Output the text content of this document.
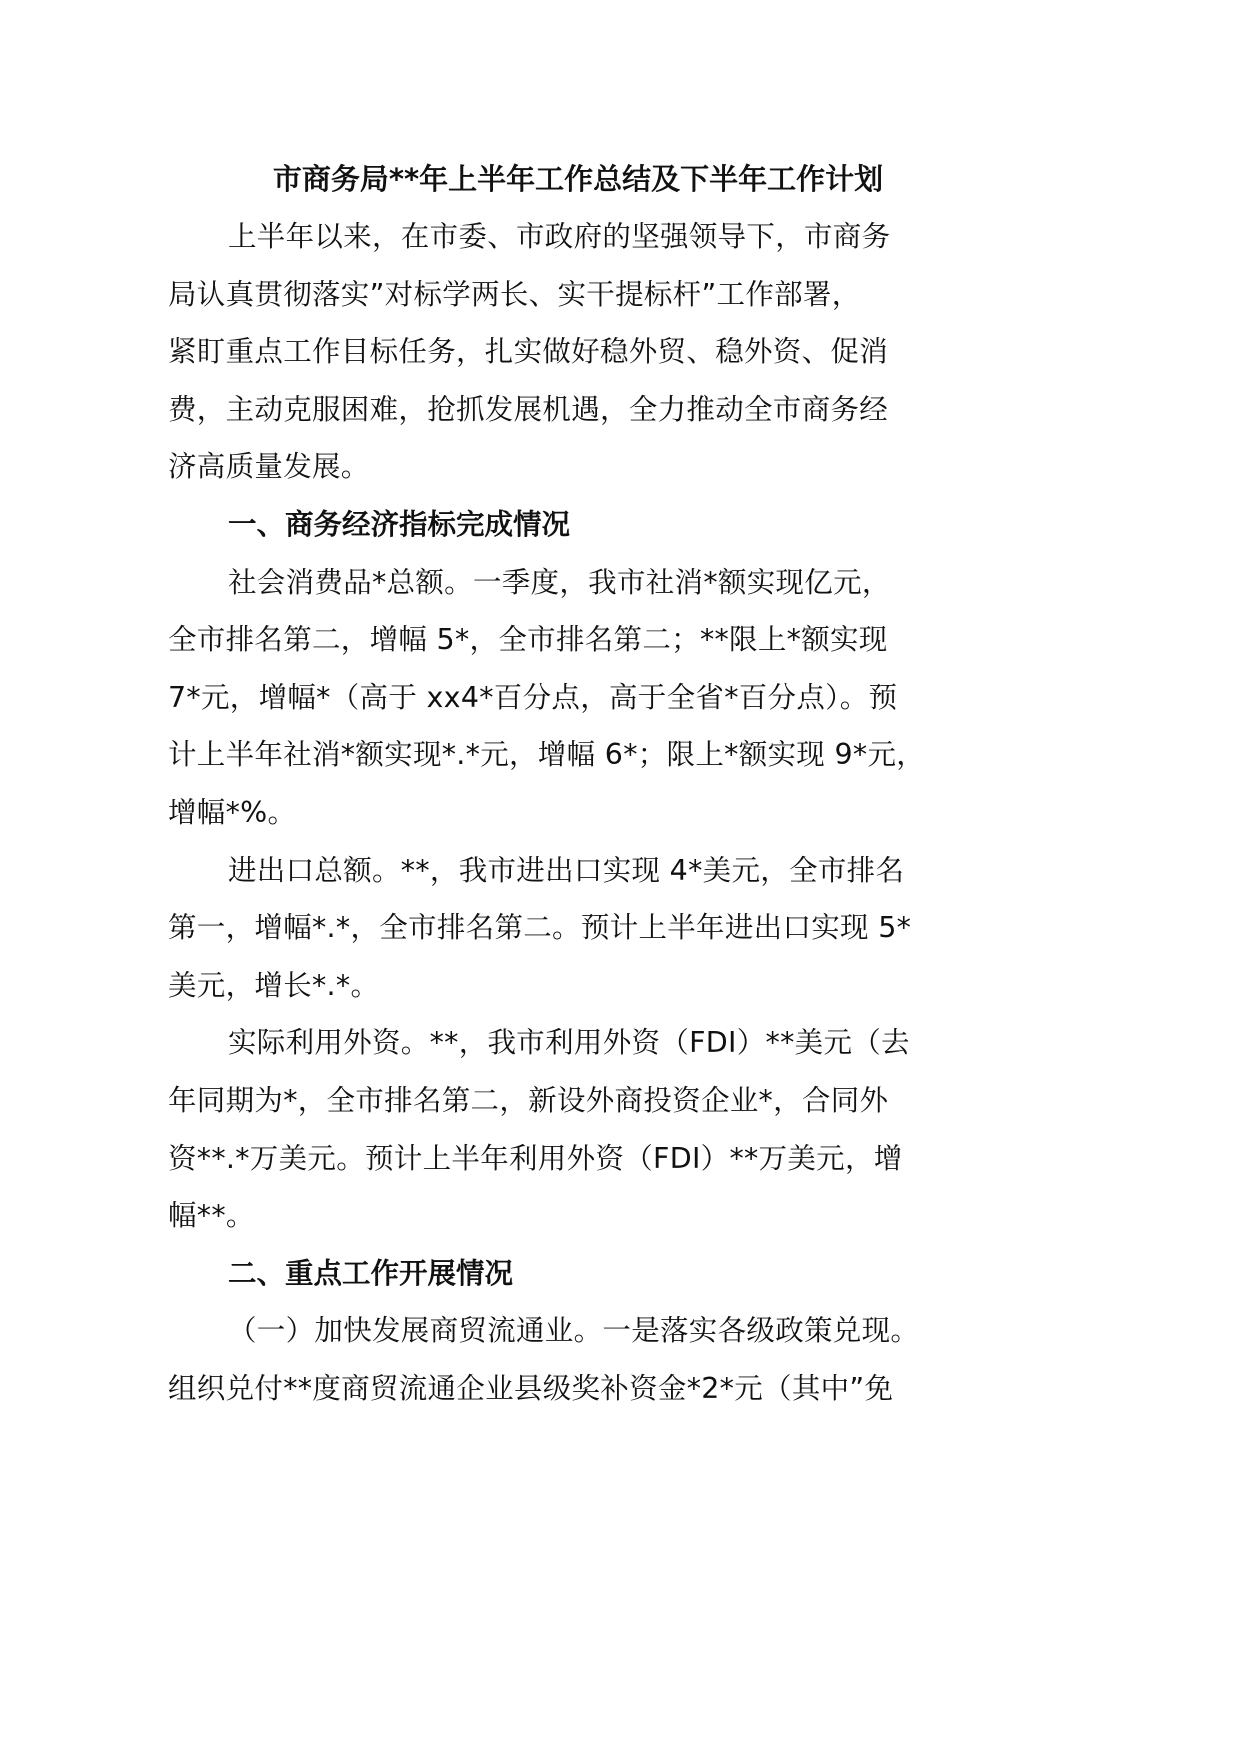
市商务局**年上半年工作总结及下半年工作计划
上半年以来，在市委、市政府的坚强领导下，市商务
局认真贯彻落实”对标学两长、实干提标杆”工作部署，
紧盯重点工作目标任务，扎实做好稳外贸、稳外资、促消
费，主动克服困难，抢抓发展机遇，全力推动全市商务经
济高质量发展。
一、商务经济指标完成情况
社会消费品*总额。一季度，我市社消*额实现亿元，
全市排名第二，增幅 5*，全市排名第二；**限上*额实现
7*元，增幅*（高于 xx4*百分点，高于全省*百分点）。预
计上半年社消*额实现*.*元，增幅 6*；限上*额实现 9*元，
增幅*%。
进出口总额。**，我市进出口实现 4*美元，全市排名
第一，增幅*.*，全市排名第二。预计上半年进出口实现 5*
美元，增长*.*。
实际利用外资。**，我市利用外资（FDI）**美元（去
年同期为*，全市排名第二，新设外商投资企业*，合同外
资**.*万美元。预计上半年利用外资（FDI）**万美元，增
幅**。
二、重点工作开展情况
（一）加快发展商贸流通业。一是落实各级政策兑现。
组织兑付**度商贸流通企业县级奖补资金*2*元（其中”免
